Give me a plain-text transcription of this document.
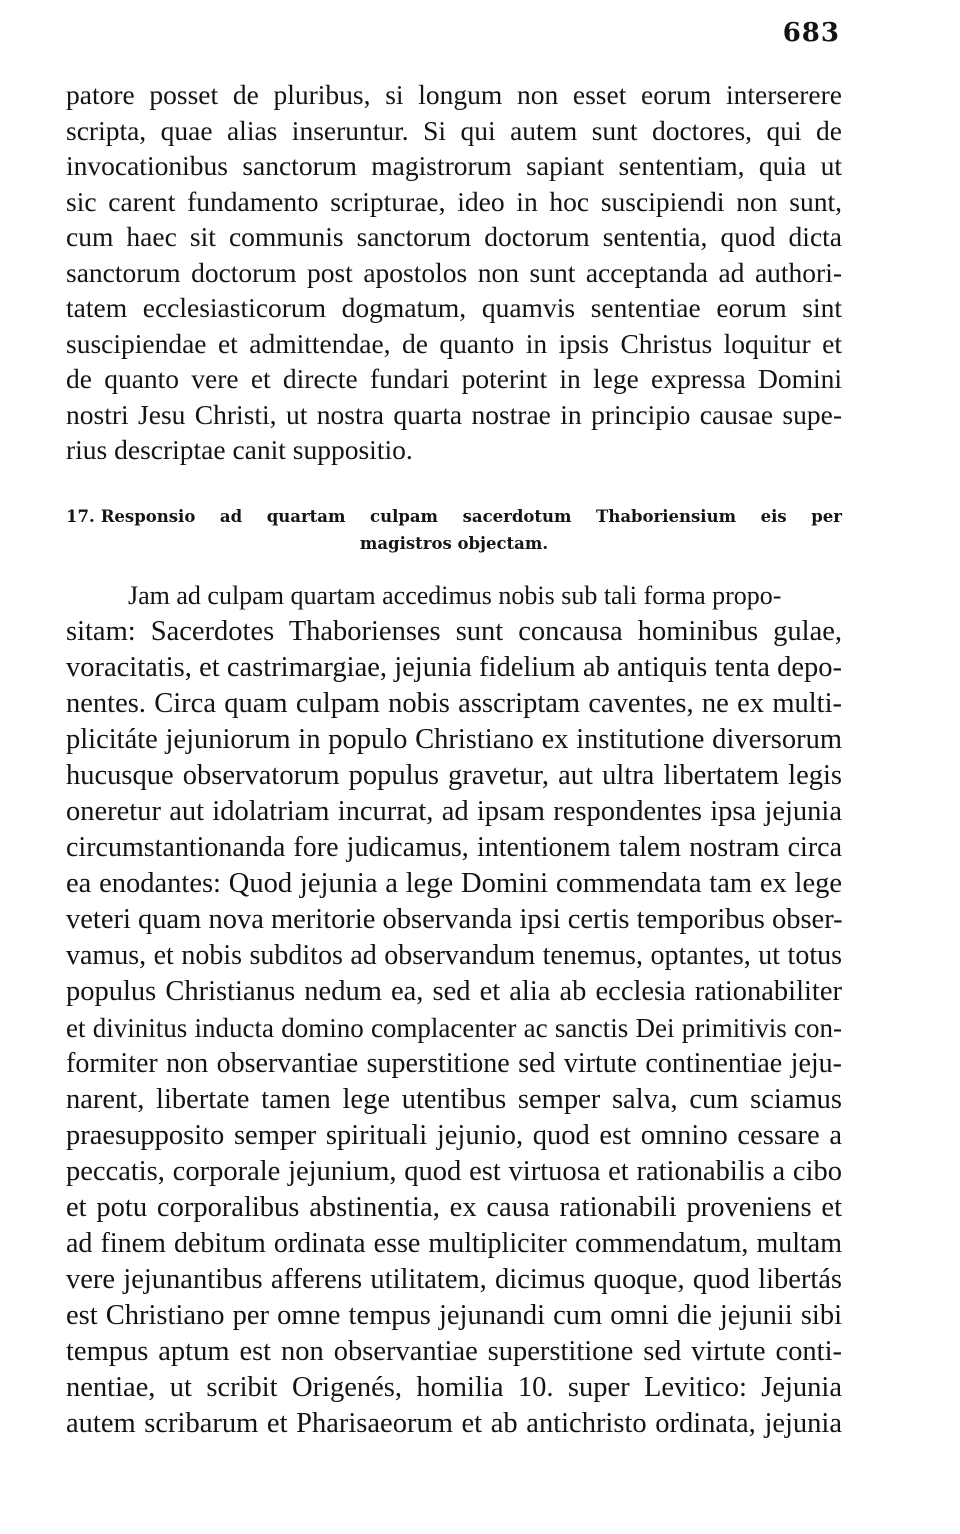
683
patore posset de pluribus, si longum non esset eorum interserere
scripta, quae alias inseruntur. Si qui autem sunt doctores, qui de
invocationibus sanctorum magistrorum sapiant sententiam, quia ut
sic carent fundamento scripturae, ideo in hoc suscipiendi non sunt,
cum haec sit communis sanctorum doctorum sententia, quod dicta
sanctorum doctorum post apostolos non sunt acceptanda ad authori-
tatem ecclesiasticorum dogmatum, quamvis sententiae eorum sint
suscipiendae et admittendae, de quanto in ipsis Christus loquitur et
de quanto vere et directe fundari poterint in lege expressa Domini
nostri Jesu Christi, ut nostra quarta nostrae in principio causae supe-
rius descriptae canit suppositio.
17. Responsio ad quartam culpam sacerdotum Thaboriensium eis per
magistros objectam.
Jam ad culpam quartam accedimus nobis sub tali forma propo-
sitam: Sacerdotes Thaborienses sunt concausa hominibus gulae,
voracitatis, et castrimargiae, jejunia fidelium ab antiquis tenta depo-
nentes. Circa quam culpam nobis asscriptam caventes, ne ex multi-
plicitáte jejuniorum in populo Christiano ex institutione diversorum
hucusque observatorum populus gravetur, aut ultra libertatem legis
oneretur aut idolatriam incurrat, ad ipsam respondentes ipsa jejunia
circumstantionanda fore judicamus, intentionem talem nostram circa
ea enodantes: Quod jejunia a lege Domini commendata tam ex lege
veteri quam nova meritorie observanda ipsi certis temporibus obser-
vamus, et nobis subditos ad observandum tenemus, optantes, ut totus
populus Christianus nedum ea, sed et alia ab ecclesia rationabiliter
et divinitus inducta domino complacenter ac sanctis Dei primitivis con-
formiter non observantiae superstitione sed virtute continentiae jeju-
narent, libertate tamen lege utentibus semper salva, cum sciamus
praesupposito semper spirituali jejunio, quod est omnino cessare a
peccatis, corporale jejunium, quod est virtuosa et rationabilis a cibo
et potu corporalibus abstinentia, ex causa rationabili proveniens et
ad finem debitum ordinata esse multipliciter commendatum, multam
vere jejunantibus afferens utilitatem, dicimus quoque, quod libertás
est Christiano per omne tempus jejunandi cum omni die jejunii sibi
tempus aptum est non observantiae superstitione sed virtute conti-
nentiae, ut scribit Origenés, homilia 10. super Levitico: Jejunia
autem scribarum et Pharisaeorum et ab antichristo ordinata, jejunia
